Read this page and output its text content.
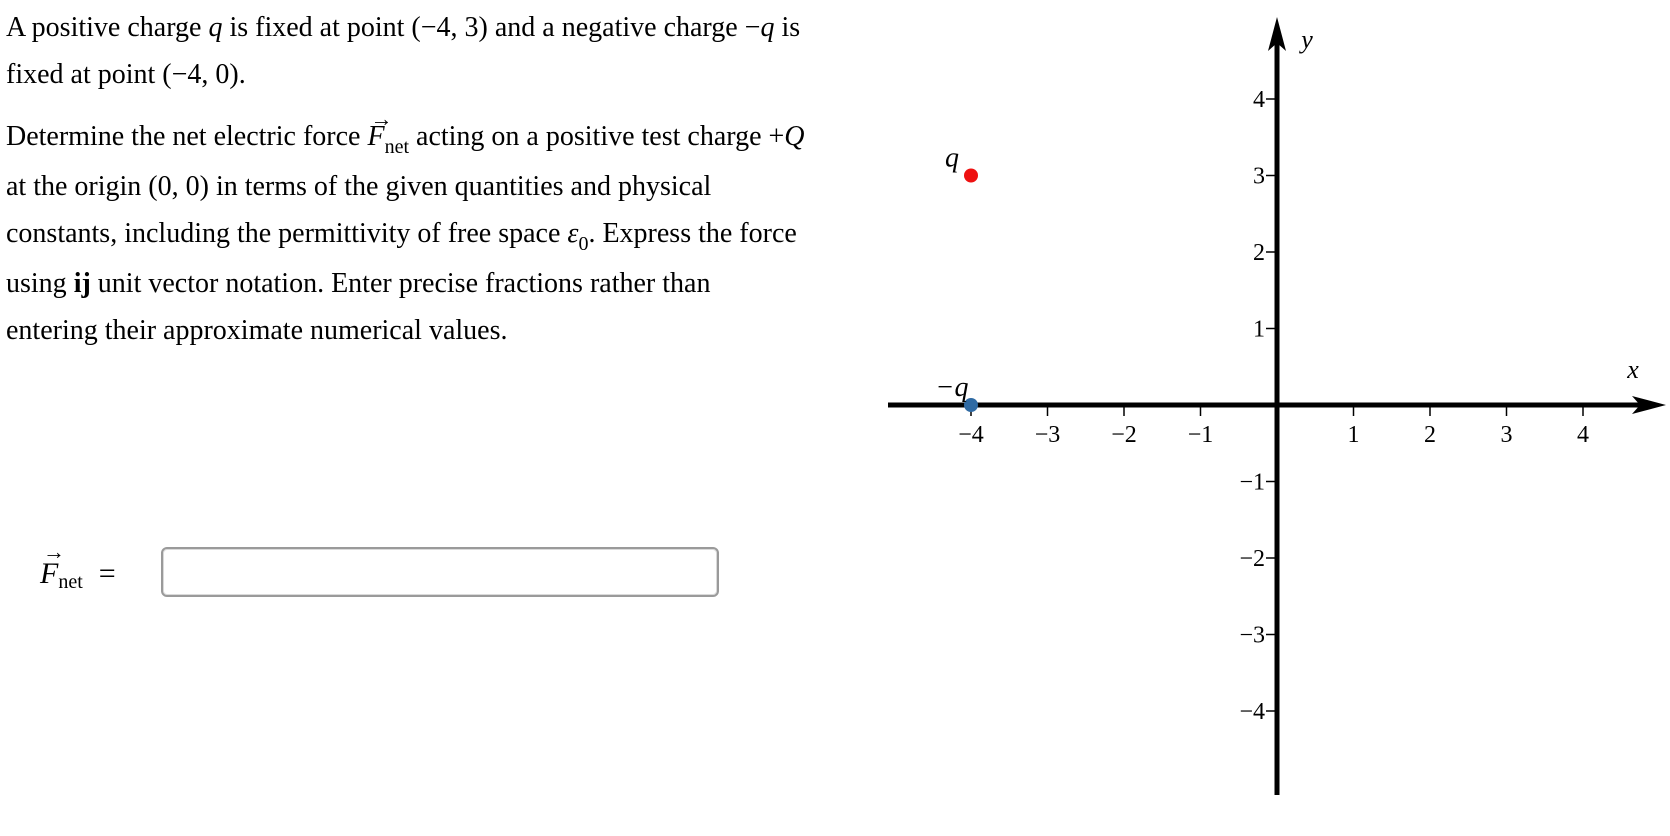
A positive charge q is fixed at point (−4, 3) and a negative charge −q is fixed at point (−4, 0).

Determine the net electric force
→
$F_{net}$ acting on a positive test charge +Q at the origin (0, 0) in terms of the given quantities and physical constants, including the permittivity of free space $\varepsilon_0$. Express the force using ij unit vector notation. Enter precise fractions rather than entering their approximate numerical values.

→
F net =
x
y
−4 −3 −2 −1	1	2	3	4
4
3
2
1
−1
−2
−3
−4
q
−q
